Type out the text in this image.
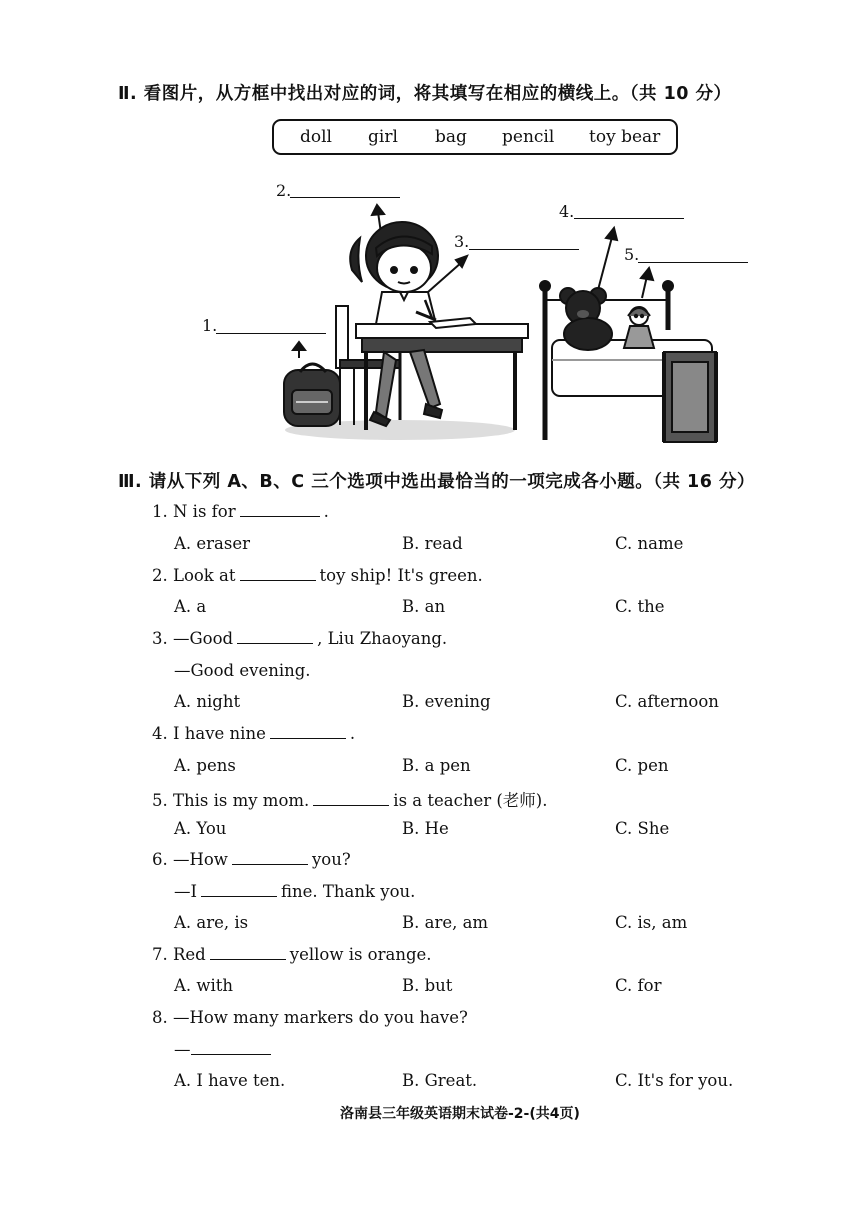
Ⅱ. 看图片，从方框中找出对应的词，将其填写在相应的横线上。（共 10 分）
doll girl bag pencil toy bear
1.
2.
3.
4.
5.
Ⅲ. 请从下列 A、B、C 三个选项中选出最恰当的一项完成各小题。（共 16 分）
1. N is for	.
A. eraser	B. read	C. name
2. Look at	toy ship! It's green.
A. a	B. an	C. the
3. —Good	, Liu Zhaoyang.
—Good evening.
A. night	B. evening	C. afternoon
4. I have nine	.
A. pens	B. a pen	C. pen
5. This is my mom.	is a teacher (老师).
A. You	B. He	C. She
6. —How	you?
—I	fine. Thank you.
A. are, is	B. are, am	C. is, am
7. Red	yellow is orange.
A. with	B. but	C. for
8. —How many markers do you have?
—
A. I have ten.	B. Great.	C. It's for you.
洛南县三年级英语期末试卷-2-(共4页)
